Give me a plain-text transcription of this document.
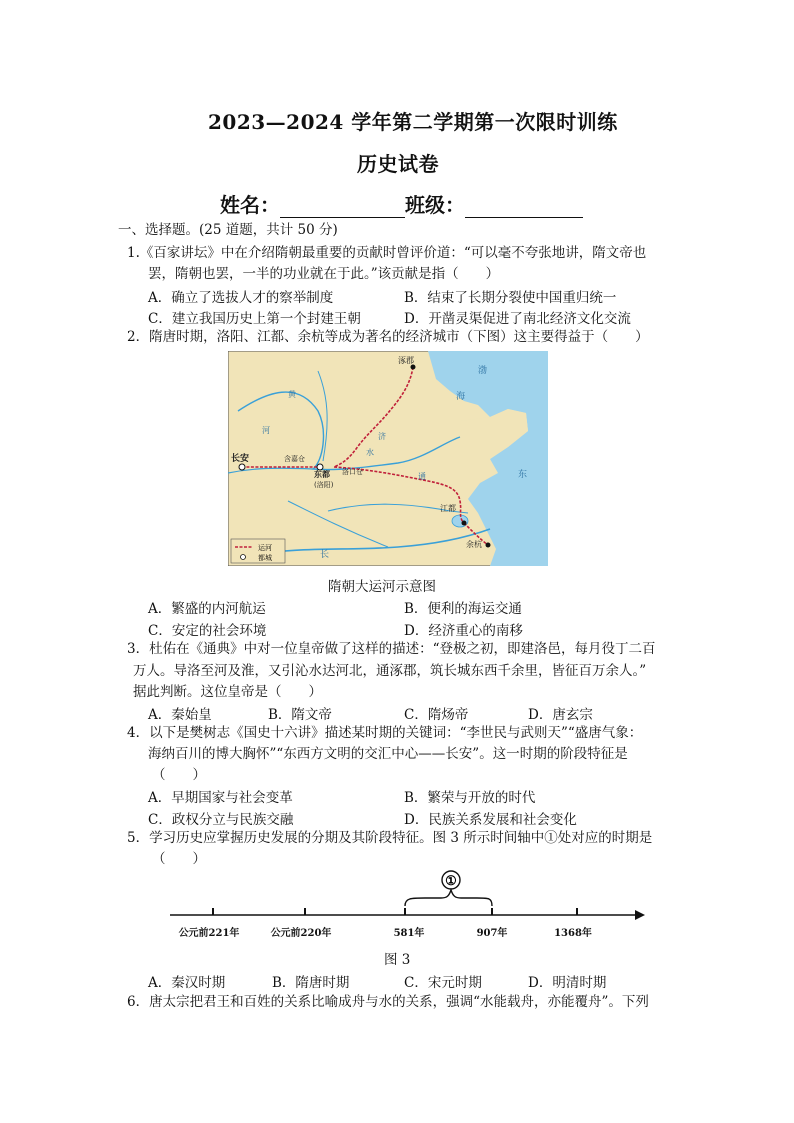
2023—2024 学年第二学期第一次限时训练
历史试卷
姓名：	班级：
一、选择题。(25 道题，共计 50 分)
1.《百家讲坛》中在介绍隋朝最重要的贡献时曾评价道：“可以毫不夸张地讲，隋文帝也
罢，隋朝也罢，一半的功业就在于此。”该贡献是指（　　）
A．确立了选拔人才的察举制度	B．结束了长期分裂使中国重归统一
C．建立我国历史上第一个封建王朝	D．开凿灵渠促进了南北经济文化交流
2．隋唐时期，洛阳、江都、余杭等成为著名的经济城市（下图）这主要得益于（　　）
涿郡
长安	含嘉仓
东都
(洛阳)
洛口仓
江都
余杭
渤
海
东
黄
河
济
水
通
长
运河
都城
隋朝大运河示意图
A．繁盛的内河航运	B．便利的海运交通
C．安定的社会环境	D．经济重心的南移
3．杜佑在《通典》中对一位皇帝做了这样的描述：“登极之初，即建洛邑，每月役丁二百
万人。导洛至河及淮，又引沁水达河北，通涿郡，筑长城东西千余里，皆征百万余人。”
据此判断。这位皇帝是（　　）
A．秦始皇	B．隋文帝	C．隋炀帝	D．唐玄宗
4．以下是樊树志《国史十六讲》描述某时期的关键词：“李世民与武则天”“盛唐气象：
海纳百川的博大胸怀”“东西方文明的交汇中心——长安”。这一时期的阶段特征是
（　　）
A．早期国家与社会变革	B．繁荣与开放的时代
C．政权分立与民族交融	D．民族关系发展和社会变化
5．学习历史应掌握历史发展的分期及其阶段特征。图 3 所示时间轴中①处对应的时期是
（　　）
①
公元前221年	公元前220年	581年	907年	1368年
图 3
A．秦汉时期	B．隋唐时期	C．宋元时期	D．明清时期
6．唐太宗把君王和百姓的关系比喻成舟与水的关系，强调“水能载舟，亦能覆舟”。下列
